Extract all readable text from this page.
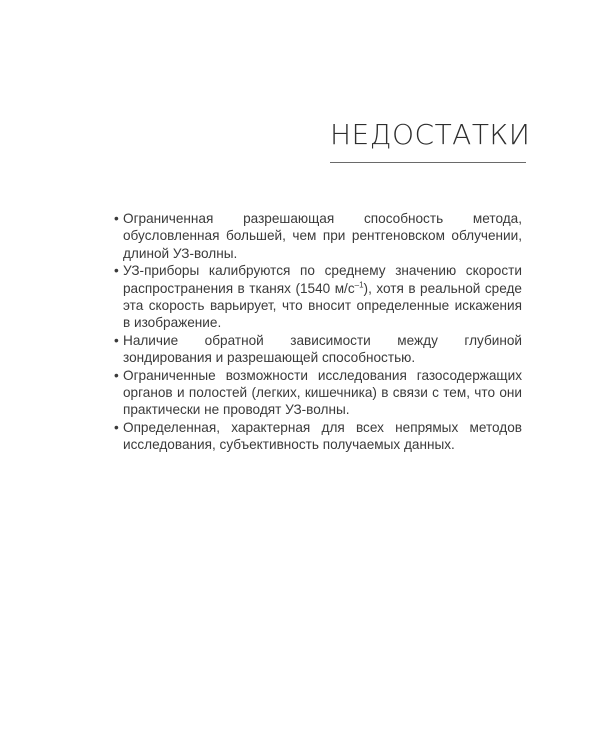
НЕДОСТАТКИ
• Ограниченная разрешающая способность метода, обусловленная большей, чем при рентгеновском облучении, длиной УЗ-волны.
• УЗ-приборы калибруются по среднему значению скорости распространения в тканях (1540 $м/с^{-1}$), хотя в реальной среде эта скорость варьирует, что вносит определенные искажения в изображение.
• Наличие обратной зависимости между глубиной зондирования и разрешающей способностью.
• Ограниченные возможности исследования газосодержащих органов и полостей (легких, кишечника) в связи с тем, что они практически не проводят УЗ-волны.
• Определенная, характерная для всех непрямых методов исследования, субъективность получаемых данных.
